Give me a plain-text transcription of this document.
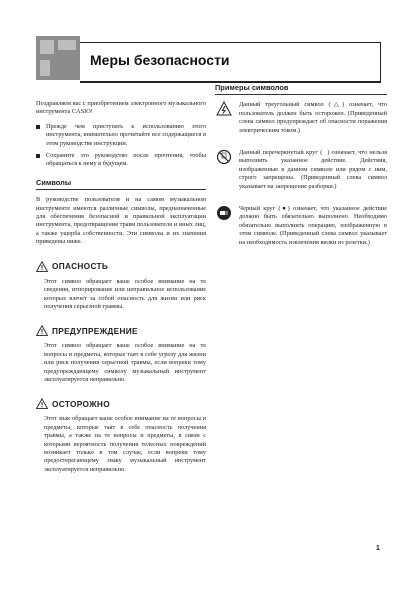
Меры безопасности

Поздравляем вас с приобретением электронного музыкального инструмента CASIO!

Прежде чем приступать к использованию этого инструмента, внимательно прочитайте все содержащиеся в этом руководстве инструкции.
Сохраните это руководство после прочтения, чтобы обращаться к нему в будущем.
Символы

В руководстве пользователя и на самом музыкальном инструменте имеются различные символы, предназначенные для обеспечения безопасной и правильной эксплуатации инструмента, предотвращения травм пользователя и иных лиц, а также ущерба собственности. Эти символы и их значения приведены ниже.

ОПАСНОСТЬ

Этот символ обращает ваше особое внимание на те сведения, игнорирование или неправильное использование которых влечет за собой опасность для жизни или риск получения серьезной травмы.

ПРЕДУПРЕЖДЕНИЕ

Этот символ обращает ваше особое внимание на те вопросы и предметы, которые таят в себе угрозу для жизни или риск получения серьезной травмы, если вопреки тому предупреждающему символу музыкальный инструмент эксплуатируется неправильно.

ОСТОРОЖНО

Этот знак обращает ваше особое внимание на те вопросы и предметы, которые таят в себе опасность получения травмы, а также на те вопросы и предметы, в связи с которыми вероятность получения телесных повреждений возникает только в том случае, если вопреки тому предостерегающему знаку музыкальный инструмент эксплуатируется неправильно.

Примеры символов
Данный треугольный символ (△) означает, что пользователь должен быть осторожен. (Приведенный слева символ предупреждает об опасности поражения электрическим током.)
Данный перечеркнутый круг (⃠) означает, что нельзя выполнять указанное действие. Действия, изображенные в данном символе или рядом с ним, строго запрещены. (Приведенный слева символ указывает на запрещение разборки.)
Черный круг (●) означает, что указанное действие должно быть обязательно выполнено. Необходимо обязательно выполнить операцию, изображенную в этом символе. (Приведенный слева символ указывает на необходимость извлечения вилки из розетки.)
1
